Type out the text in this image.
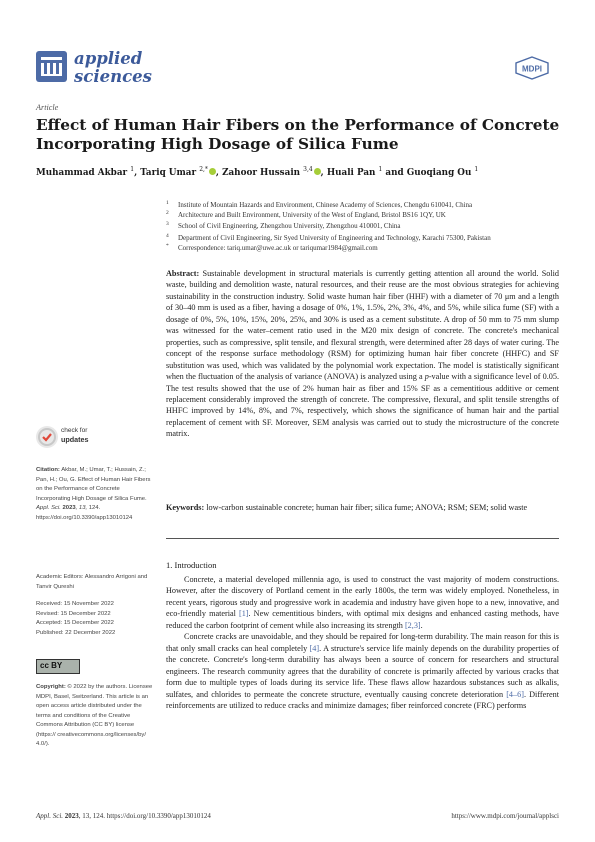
applied
sciences	MDPI
Article
Effect of Human Hair Fibers on the Performance of Concrete Incorporating High Dosage of Silica Fume
Muhammad Akbar $^1$, Tariq Umar $^{2,*}$ , Zahoor Hussain $^{3,4}$ , Huali Pan $^1$ and Guoqiang Ou $^1$
1 Institute of Mountain Hazards and Environment, Chinese Academy of Sciences, Chengdu 610041, China
2 Architecture and Built Environment, University of the West of England, Bristol BS16 1QY, UK
3 School of Civil Engineering, Zhengzhou University, Zhengzhou 410001, China
4 Department of Civil Engineering, Sir Syed University of Engineering and Technology, Karachi 75300, Pakistan
* Correspondence: tariq.umar@uwe.ac.uk or tariqumar1984@gmail.com
Abstract: Sustainable development in structural materials is currently getting attention all around the world. Solid waste, building and demolition waste, natural resources, and their reuse are the most obvious strategies for achieving sustainability in the construction industry. Solid waste human hair fiber (HHF) with a diameter of 70 μm and a length of 30–40 mm is used as a fiber, having a dosage of 0%, 1%, 1.5%, 2%, 3%, 4%, and 5%, while silica fume (SF) with a dosage of 0%, 5%, 10%, 15%, 20%, 25%, and 30% is used as a cement substitute. A drop of 50 mm to 75 mm slump was witnessed for the water–cement ratio used in the M20 mix design of concrete. The concrete's mechanical properties, such as compressive, split tensile, and flexural strength, were determined after 28 days of water curing. The concept of the response surface methodology (RSM) for optimizing human hair fiber concrete (HHFC) and SF substitution was used, which was validated by the polynomial work expectation. The model is statistically significant when the fluctuation of the analysis of variance (ANOVA) is analyzed using a p-value with a significance level of 0.05. The test results showed that the use of 2% human hair as fiber and 15% SF as a cementitious additive or cement replacement considerably improved the strength of concrete. The compressive, flexural, and split tensile strengths of HHFC improved by 14%, 8%, and 7%, respectively, which shows the significance of human hair and the partial replacement of cement with SF. Moreover, SEM analysis was carried out to study the microstructure of the concrete matrix.
Keywords: low-carbon sustainable concrete; human hair fiber; silica fume; ANOVA; RSM; SEM; solid waste
check for
updates
Citation: Akbar, M.; Umar, T.; Hussain, Z.; Pan, H.; Ou, G. Effect of Human Hair Fibers on the Performance of Concrete Incorporating High Dosage of Silica Fume. Appl. Sci. 2023, 13, 124. https://doi.org/10.3390/app13010124
Academic Editors: Alessandro Arrigoni and Tanvir Qureshi
Received: 15 November 2022
Revised: 15 December 2022
Accepted: 15 December 2022
Published: 22 December 2022
cc BY
Copyright: © 2022 by the authors. Licensee MDPI, Basel, Switzerland. This article is an open access article distributed under the terms and conditions of the Creative Commons Attribution (CC BY) license (https:// creativecommons.org/licenses/by/ 4.0/).
1. Introduction

Concrete, a material developed millennia ago, is used to construct the vast majority of modern constructions. However, after the discovery of Portland cement in the early 1800s, the term was widely employed. Nonetheless, in recent years, rigorous study and progressive work in academia and industry have given hope to a new, innovative, and eco-friendly material [1]. New cementitious binders, with optimal mix designs and enhanced casting methods, have reduced the carbon footprint of cement while also increasing its strength [2,3].

Concrete cracks are unavoidable, and they should be repaired for long-term durability. The main reason for this is that only small cracks can heal completely [4]. A structure's service life mainly depends on the durability properties of the concrete. Concrete's long-term durability has always been a source of concern for researchers and structural engineers. The research community agrees that the durability of concrete is primarily affected by various cracks that form due to multiple types of loads during its service life. These flaws allow hazardous substances such as alkalis, sulfates, and chlorides to permeate the concrete structure, eventually causing concrete deterioration [4–6]. Different reinforcements are utilized to reduce cracks and minimize damages; fiber reinforced concrete (FRC) performs

Appl. Sci. 2023, 13, 124. https://doi.org/10.3390/app13010124	https://www.mdpi.com/journal/applsci
